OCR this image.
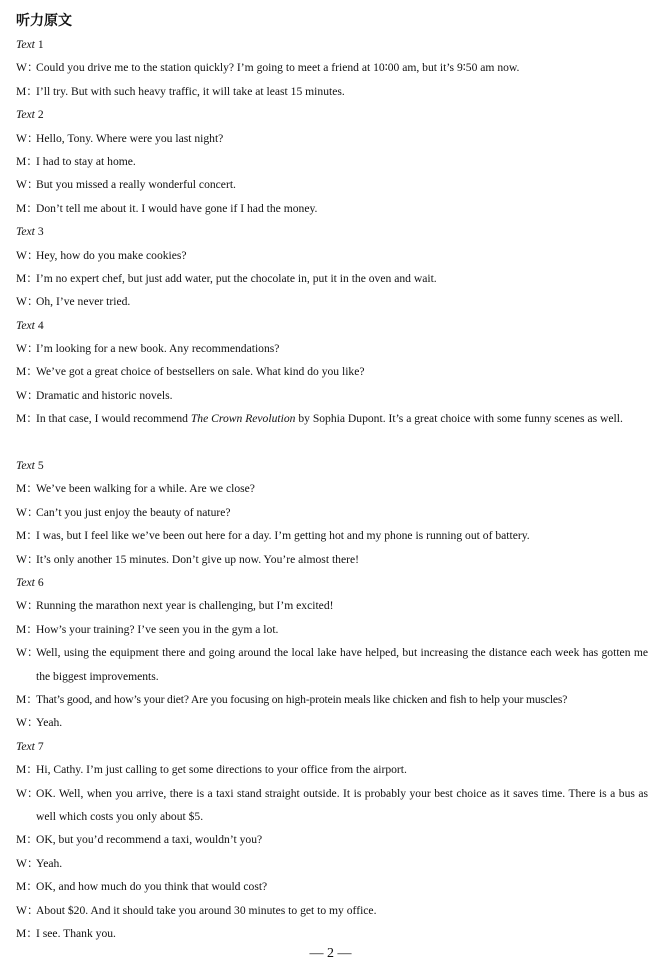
听力原文
Text 1
W：Could you drive me to the station quickly? I’m going to meet a friend at 10∶00 am, but it’s 9∶50 am now.
M：I’ll try. But with such heavy traffic, it will take at least 15 minutes.
Text 2
W：Hello, Tony. Where were you last night?
M：I had to stay at home.
W：But you missed a really wonderful concert.
M：Don’t tell me about it. I would have gone if I had the money.
Text 3
W：Hey, how do you make cookies?
M：I’m no expert chef, but just add water, put the chocolate in, put it in the oven and wait.
W：Oh, I’ve never tried.
Text 4
W：I’m looking for a new book. Any recommendations?
M：We’ve got a great choice of bestsellers on sale. What kind do you like?
W：Dramatic and historic novels.
M：
In that case, I would recommend The Crown Revolution by Sophia Dupont. It’s a great choice with some funny scenes as well.
Text 5
M：We’ve been walking for a while. Are we close?
W：Can’t you just enjoy the beauty of nature?
M：I was, but I feel like we’ve been out here for a day. I’m getting hot and my phone is running out of battery.
W：It’s only another 15 minutes. Don’t give up now. You’re almost there!
Text 6
W：Running the marathon next year is challenging, but I’m excited!
M：How’s your training? I’ve seen you in the gym a lot.
W：
Well, using the equipment there and going around the local lake have helped, but increasing the distance each week has gotten me the biggest improvements.
M：That’s good, and how’s your diet? Are you focusing on high-protein meals like chicken and fish to help your muscles?
W：Yeah.
Text 7
M：Hi, Cathy. I’m just calling to get some directions to your office from the airport.
W：
OK. Well, when you arrive, there is a taxi stand straight outside. It is probably your best choice as it saves time. There is a bus as well which costs you only about $5.
M：OK, but you’d recommend a taxi, wouldn’t you?
W：Yeah.
M：OK, and how much do you think that would cost?
W：About $20. And it should take you around 30 minutes to get to my office.
M：I see. Thank you.
— 2 —
